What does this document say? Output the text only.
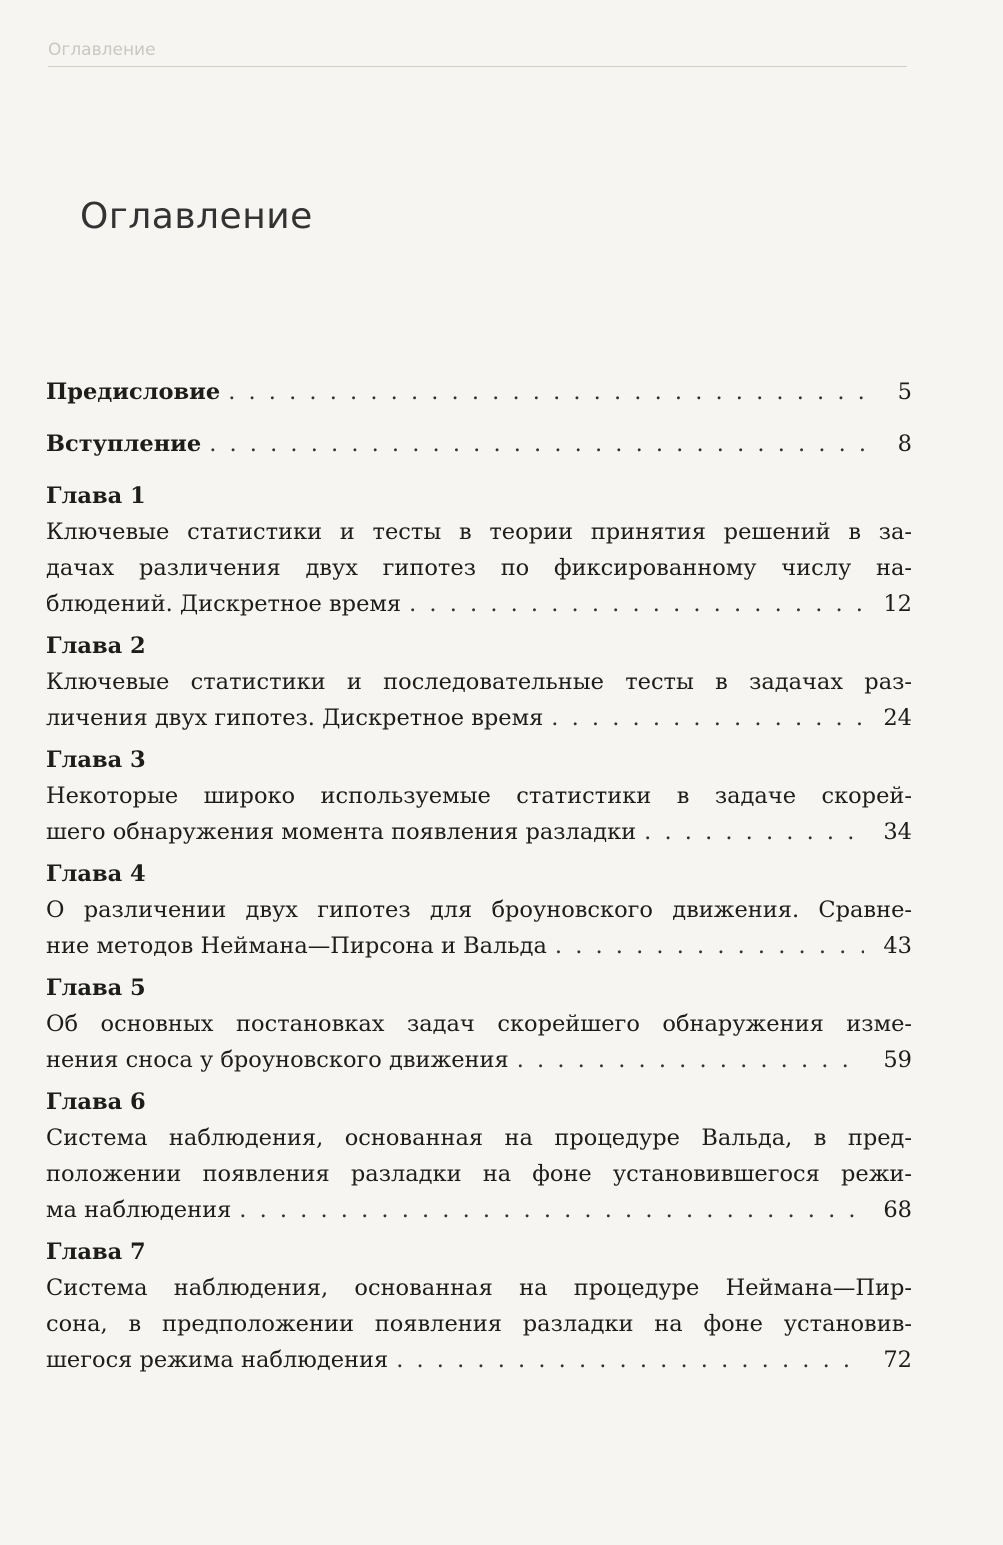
Оглавление
Оглавление
Предисловие . . .	5
Вступление . . .	8
Глава 1
Ключевые статистики и тесты в теории принятия решений в за-
дачах различения двух гипотез по фиксированному числу на-
блюдений. Дискретное время . . .	12
Глава 2
Ключевые статистики и последовательные тесты в задачах раз-
личения двух гипотез. Дискретное время . . .	24
Глава 3
Некоторые широко используемые статистики в задаче скорей-
шего обнаружения момента появления разладки . . .	34
Глава 4
О различении двух гипотез для броуновского движения. Сравне-
ние методов Неймана—Пирсона и Вальда . . .	43
Глава 5
Об основных постановках задач скорейшего обнаружения изме-
нения сноса у броуновского движения . . .	59
Глава 6
Система наблюдения, основанная на процедуре Вальда, в пред-
положении появления разладки на фоне установившегося режи-
ма наблюдения . . .	68
Глава 7
Система наблюдения, основанная на процедуре Неймана—Пир-
сона, в предположении появления разладки на фоне установив-
шегося режима наблюдения . . .	72
